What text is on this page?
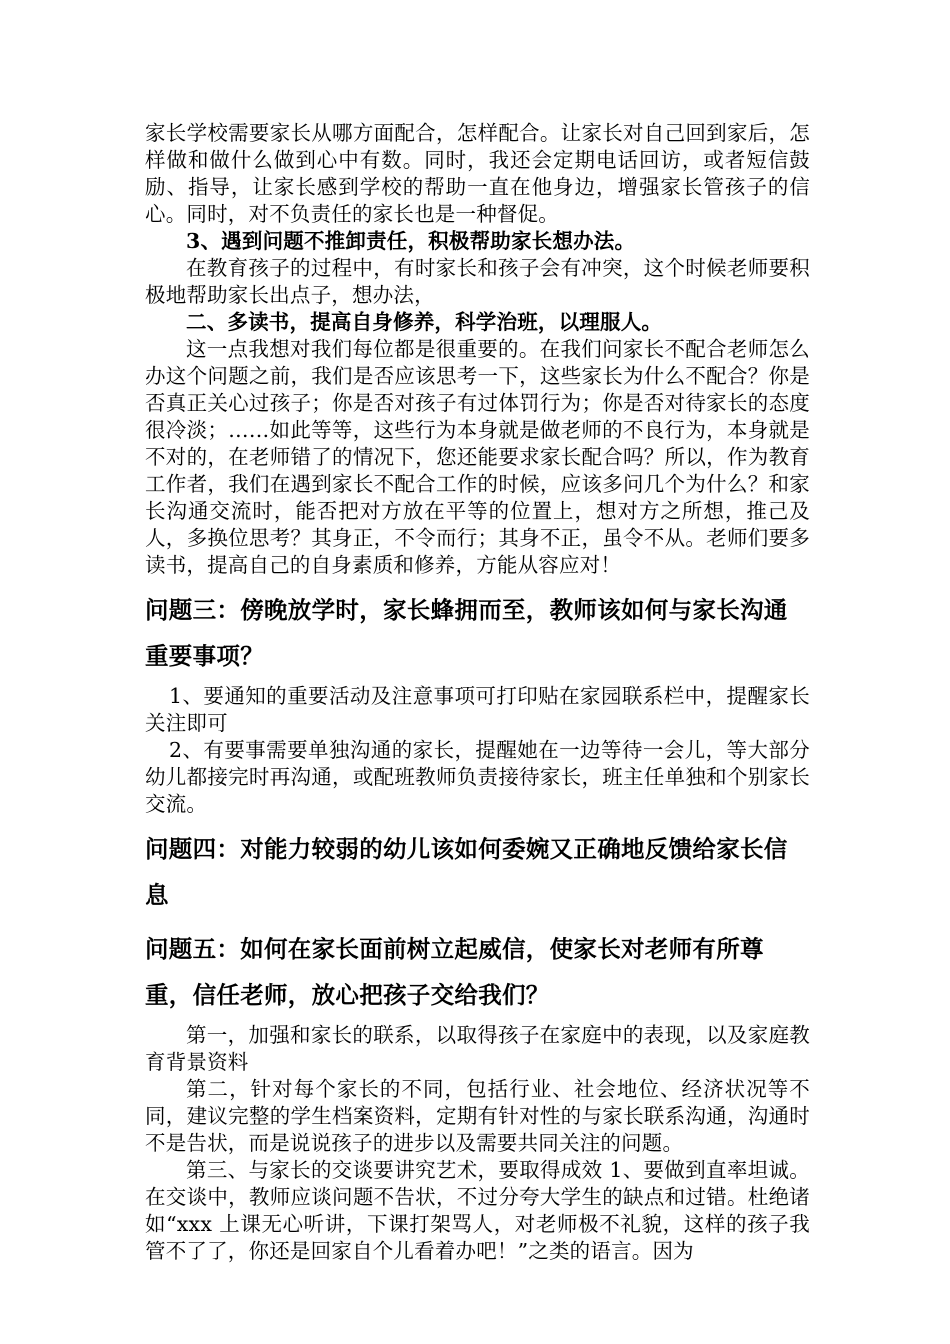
家长学校需要家长从哪方面配合，怎样配合。让家长对自己回到家后，怎样做和做什么做到心中有数。同时，我还会定期电话回访，或者短信鼓励、指导，让家长感到学校的帮助一直在他身边，增强家长管孩子的信心。同时，对不负责任的家长也是一种督促。

3、遇到问题不推卸责任，积极帮助家长想办法。

在教育孩子的过程中，有时家长和孩子会有冲突，这个时候老师要积极地帮助家长出点子，想办法，

二、多读书，提高自身修养，科学治班，以理服人。

这一点我想对我们每位都是很重要的。在我们问家长不配合老师怎么办这个问题之前，我们是否应该思考一下，这些家长为什么不配合？你是否真正关心过孩子；你是否对孩子有过体罚行为；你是否对待家长的态度很冷淡；……如此等等，这些行为本身就是做老师的不良行为，本身就是不对的，在老师错了的情况下，您还能要求家长配合吗？所以，作为教育工作者，我们在遇到家长不配合工作的时候，应该多问几个为什么？和家长沟通交流时，能否把对方放在平等的位置上，想对方之所想，推己及人，多换位思考？其身正，不令而行；其身不正，虽令不从。老师们要多读书，提高自己的自身素质和修养，方能从容应对！

问题三：傍晚放学时，家长蜂拥而至，教师该如何与家长沟通重要事项？

1、要通知的重要活动及注意事项可打印贴在家园联系栏中，提醒家长关注即可

2、有要事需要单独沟通的家长，提醒她在一边等待一会儿，等大部分幼儿都接完时再沟通，或配班教师负责接待家长，班主任单独和个别家长交流。

问题四：对能力较弱的幼儿该如何委婉又正确地反馈给家长信息
问题五：如何在家长面前树立起威信，使家长对老师有所尊重，信任老师，放心把孩子交给我们？

第一，加强和家长的联系，以取得孩子在家庭中的表现，以及家庭教育背景资料

第二，针对每个家长的不同，包括行业、社会地位、经济状况等不同，建议完整的学生档案资料，定期有针对性的与家长联系沟通，沟通时不是告状，而是说说孩子的进步以及需要共同关注的问题。

第三、与家长的交谈要讲究艺术，要取得成效 1、要做到直率坦诚。在交谈中，教师应谈问题不告状，不过分夸大学生的缺点和过错。杜绝诸如“xxx 上课无心听讲，下课打架骂人，对老师极不礼貌，这样的孩子我管不了了，你还是回家自个儿看着办吧！”之类的语言。因为
